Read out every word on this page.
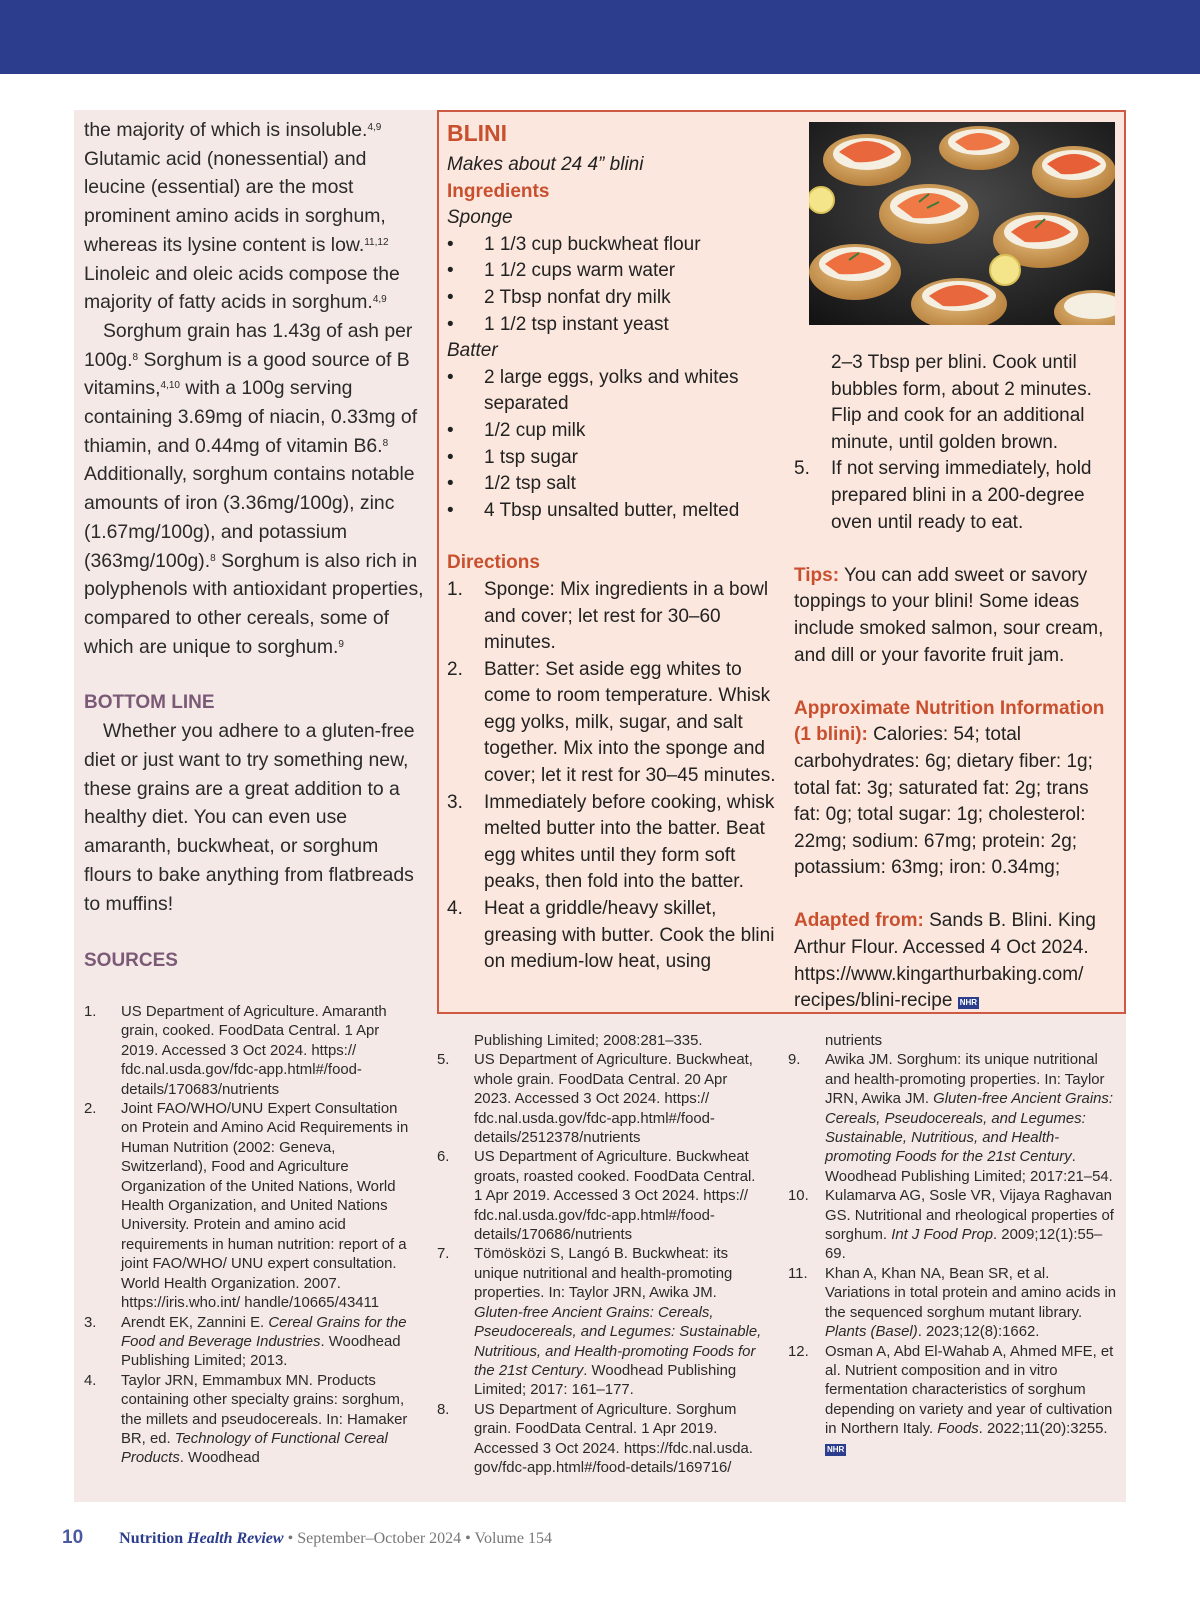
the majority of which is insoluble.$^{4,9}$ Glutamic acid (nonessential) and leucine (essential) are the most prominent amino acids in sorghum, whereas its lysine content is low.$^{11,12}$ Linoleic and oleic acids compose the majority of fatty acids in sorghum.$^{4,9}$

Sorghum grain has 1.43g of ash per 100g.$^8$ Sorghum is a good source of B vitamins,$^{4,10}$ with a 100g serving containing 3.69mg of niacin, 0.33mg of thiamin, and 0.44mg of vitamin B6.$^8$ Additionally, sorghum contains notable amounts of iron (3.36mg/100g), zinc (1.67mg/100g), and potassium (363mg/100g).$^8$ Sorghum is also rich in polyphenols with antioxidant properties, compared to other cereals, some of which are unique to sorghum.$^9$

BOTTOM LINE

Whether you adhere to a gluten-free diet or just want to try something new, these grains are a great addition to a healthy diet. You can even use amaranth, buckwheat, or sorghum flours to bake anything from flatbreads to muffins!

SOURCES

BLINI
Makes about 24 4” blini
Ingredients
Sponge
• 1 1/3 cup buckwheat flour
• 1 1/2 cups warm water
• 2 Tbsp nonfat dry milk
• 1 1/2 tsp instant yeast
Batter
• 2 large eggs, yolks and whites separated
• 1/2 cup milk
• 1 tsp sugar
• 1/2 tsp salt
• 4 Tbsp unsalted butter, melted
Directions
1. Sponge: Mix ingredients in a bowl and cover; let rest for 30–60 minutes.
2. Batter: Set aside egg whites to come to room temperature. Whisk egg yolks, milk, sugar, and salt together. Mix into the sponge and cover; let it rest for 30–45 minutes.
3. Immediately before cooking, whisk melted butter into the batter. Beat egg whites until they form soft peaks, then fold into the batter.
4. Heat a griddle/heavy skillet, greasing with butter. Cook the blini on medium-low heat, using
2–3 Tbsp per blini. Cook until bubbles form, about 2 minutes. Flip and cook for an additional minute, until golden brown.
5. If not serving immediately, hold prepared blini in a 200-degree oven until ready to eat.
Tips: You can add sweet or savory toppings to your blini! Some ideas include smoked salmon, sour cream, and dill or your favorite fruit jam.
Approximate Nutrition Information (1 blini): Calories: 54; total carbohydrates: 6g; dietary fiber: 1g; total fat: 3g; saturated fat: 2g; trans fat: 0g; total sugar: 1g; cholesterol: 22mg; sodium: 67mg; protein: 2g; potassium: 63mg; iron: 0.34mg;
Adapted from: Sands B. Blini. King Arthur Flour. Accessed 4 Oct 2024. https://www.kingarthurbaking.com/ recipes/blini-recipe NHR
1. US Department of Agriculture. Amaranth grain, cooked. FoodData Central. 1 Apr 2019. Accessed 3 Oct 2024. https:// fdc.nal.usda.gov/fdc-app.html#/food-details/170683/nutrients
2. Joint FAO/WHO/UNU Expert Consultation on Protein and Amino Acid Requirements in Human Nutrition (2002: Geneva, Switzerland), Food and Agriculture Organization of the United Nations, World Health Organization, and United Nations University. Protein and amino acid requirements in human nutrition: report of a joint FAO/WHO/ UNU expert consultation. World Health Organization. 2007. https://iris.who.int/ handle/10665/43411
3. Arendt EK, Zannini E. Cereal Grains for the Food and Beverage Industries. Woodhead Publishing Limited; 2013.
4. Taylor JRN, Emmambux MN. Products containing other specialty grains: sorghum, the millets and pseudocereals. In: Hamaker BR, ed. Technology of Functional Cereal Products. Woodhead
Publishing Limited; 2008:281–335.
5. US Department of Agriculture. Buckwheat, whole grain. FoodData Central. 20 Apr 2023. Accessed 3 Oct 2024. https:// fdc.nal.usda.gov/fdc-app.html#/food-details/2512378/nutrients
6. US Department of Agriculture. Buckwheat groats, roasted cooked. FoodData Central. 1 Apr 2019. Accessed 3 Oct 2024. https:// fdc.nal.usda.gov/fdc-app.html#/food-details/170686/nutrients
7. Tömösközi S, Langó B. Buckwheat: its unique nutritional and health-promoting properties. In: Taylor JRN, Awika JM. Gluten-free Ancient Grains: Cereals, Pseudocereals, and Legumes: Sustainable, Nutritious, and Health-promoting Foods for the 21st Century. Woodhead Publishing Limited; 2017: 161–177.
8. US Department of Agriculture. Sorghum grain. FoodData Central. 1 Apr 2019. Accessed 3 Oct 2024. https://fdc.nal.usda. gov/fdc-app.html#/food-details/169716/
nutrients
9. Awika JM. Sorghum: its unique nutritional and health-promoting properties. In: Taylor JRN, Awika JM. Gluten-free Ancient Grains: Cereals, Pseudocereals, and Legumes: Sustainable, Nutritious, and Health-promoting Foods for the 21st Century. Woodhead Publishing Limited; 2017:21–54.
10. Kulamarva AG, Sosle VR, Vijaya Raghavan GS. Nutritional and rheological properties of sorghum. Int J Food Prop. 2009;12(1):55–69.
11. Khan A, Khan NA, Bean SR, et al. Variations in total protein and amino acids in the sequenced sorghum mutant library. Plants (Basel). 2023;12(8):1662.
12. Osman A, Abd El-Wahab A, Ahmed MFE, et al. Nutrient composition and in vitro fermentation characteristics of sorghum depending on variety and year of cultivation in Northern Italy. Foods. 2022;11(20):3255. NHR
10 Nutrition Health Review • September–October 2024 • Volume 154
